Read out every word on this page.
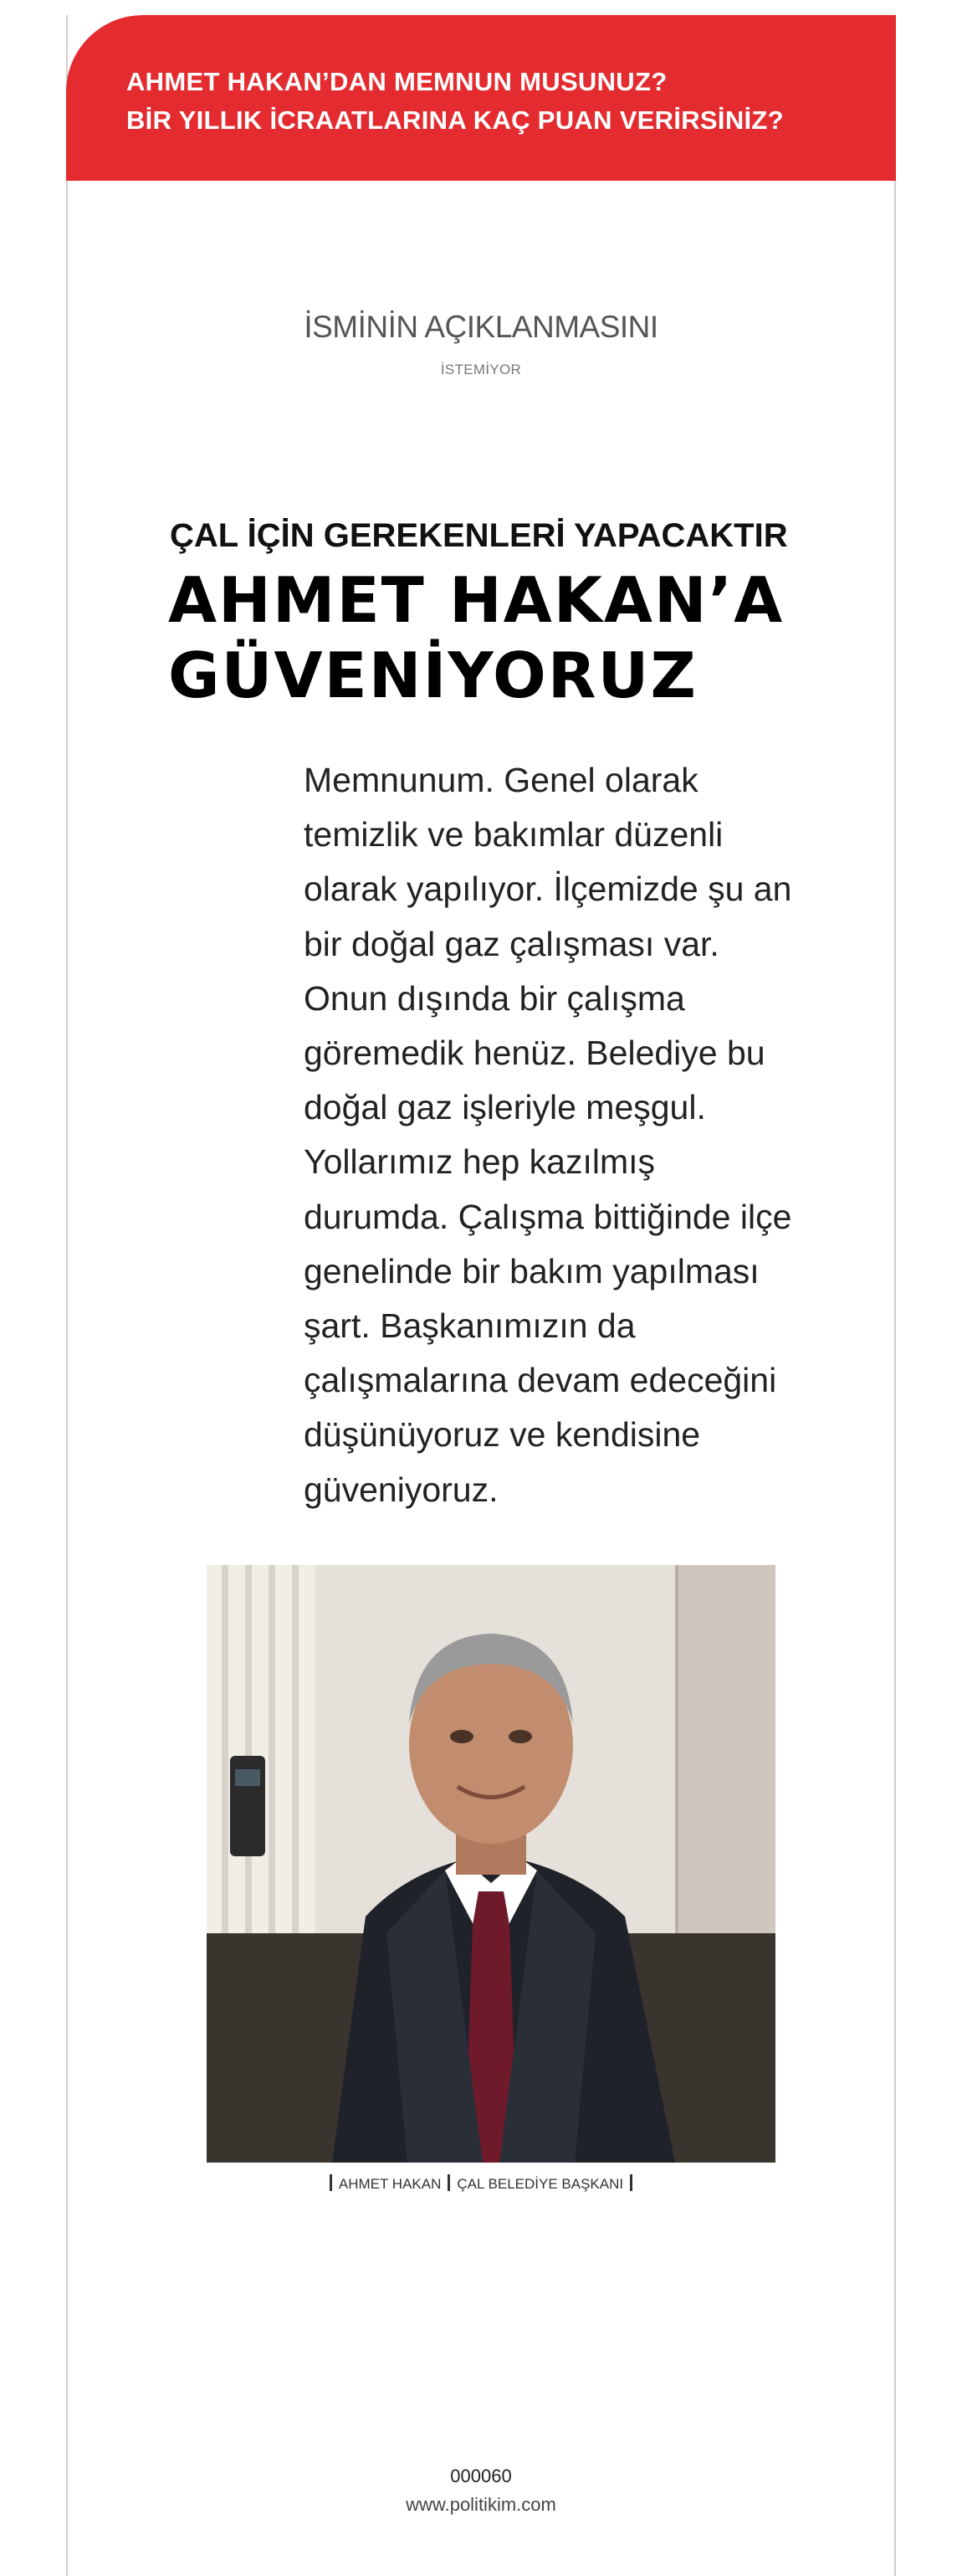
AHMET HAKAN’DAN MEMNUN MUSUNUZ?
BİR YILLIK İCRAATLARINA KAÇ PUAN VERİRSİNİZ?
İSMİNİN AÇIKLANMASINI
İSTEMİYOR
ÇAL İÇİN GEREKENLERİ YAPACAKTIR
AHMET HAKAN’A
GÜVENİYORUZ
Memnunum. Genel olarak
temizlik ve bakımlar düzenli
olarak yapılıyor. İlçemizde şu an
bir doğal gaz çalışması var.
Onun dışında bir çalışma
göremedik henüz. Belediye bu
doğal gaz işleriyle meşgul.
Yollarımız hep kazılmış
durumda. Çalışma bittiğinde ilçe
genelinde bir bakım yapılması
şart. Başkanımızın da
çalışmalarına devam edeceğini
düşünüyoruz ve kendisine
güveniyoruz.
AHMET HAKAN ÇAL BELEDİYE BAŞKANI
000060
www.politikim.com
